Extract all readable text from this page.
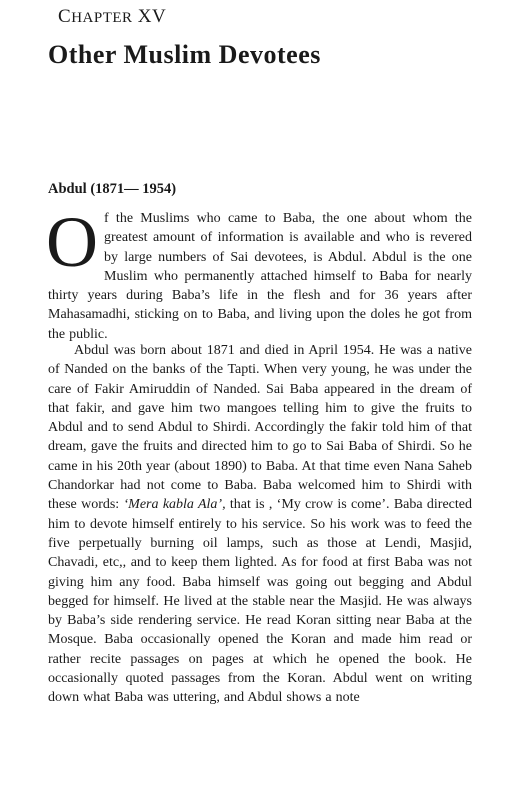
CHAPTER XV
Other Muslim Devotees
Abdul (1871— 1954)
Of the Muslims who came to Baba, the one about whom the greatest amount of information is available and who is revered by large numbers of Sai devotees, is Abdul. Abdul is the one Muslim who permanently attached himself to Baba for nearly thirty years during Baba’s life in the flesh and for 36 years after Mahasamadhi, sticking on to Baba, and living upon the doles he got from the public.
Abdul was born about 1871 and died in April 1954. He was a native of Nanded on the banks of the Tapti. When very young, he was under the care of Fakir Amiruddin of Nanded. Sai Baba appeared in the dream of that fakir, and gave him two mangoes telling him to give the fruits to Abdul and to send Abdul to Shirdi. Accordingly the fakir told him of that dream, gave the fruits and directed him to go to Sai Baba of Shirdi. So he came in his 20th year (about 1890) to Baba. At that time even Nana Saheb Chandorkar had not come to Baba. Baba welcomed him to Shirdi with these words: ‘Mera kabla Ala’, that is , ‘My crow is come’. Baba directed him to devote himself entirely to his service. So his work was to feed the five perpetually burning oil lamps, such as those at Lendi, Masjid, Chavadi, etc,, and to keep them lighted. As for food at first Baba was not giving him any food. Baba himself was going out begging and Abdul begged for himself. He lived at the stable near the Masjid. He was always by Baba’s side rendering service. He read Koran sitting near Baba at the Mosque. Baba occasionally opened the Koran and made him read or rather recite passages on pages at which he opened the book. He occasionally quoted passages from the Koran. Abdul went on writing down what Baba was uttering, and Abdul shows a note
